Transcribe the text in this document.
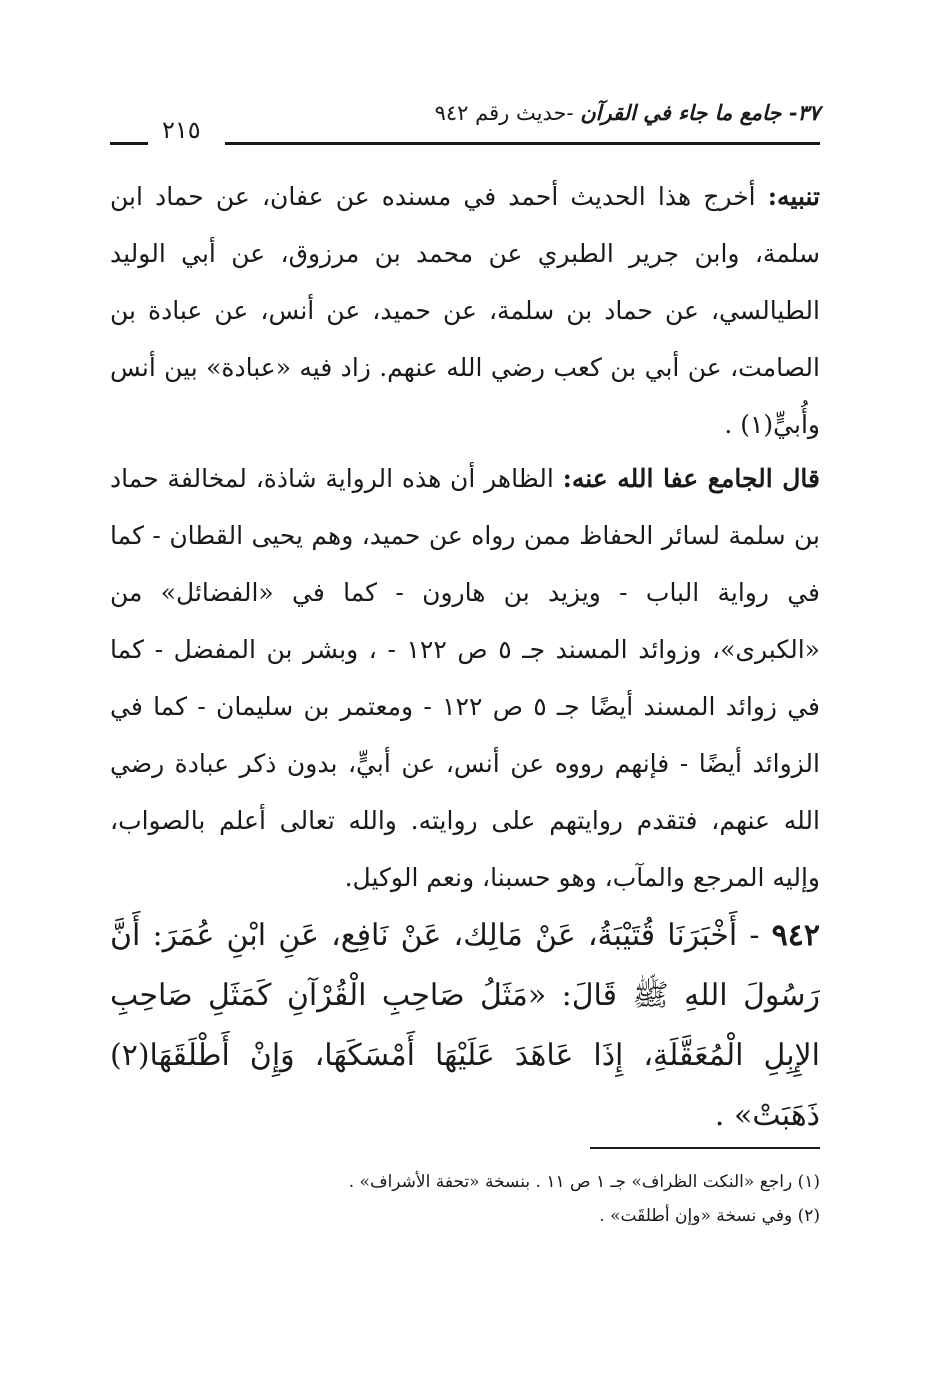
٣٧- جامع ما جاء في القرآن -حديث رقم ٩٤٢
٢١٥
تنبيه: أخرج هذا الحديث أحمد في مسنده عن عفان، عن حماد ابن سلمة، وابن جرير الطبري عن محمد بن مرزوق، عن أبي الوليد الطيالسي، عن حماد بن سلمة، عن حميد، عن أنس، عن عبادة بن الصامت، عن أبي بن كعب رضي الله عنهم. زاد فيه «عبادة» بين أنس وأُبيٍّ(١) .
قال الجامع عفا الله عنه: الظاهر أن هذه الرواية شاذة، لمخالفة حماد بن سلمة لسائر الحفاظ ممن رواه عن حميد، وهم يحيى القطان - كما في رواية الباب - ويزيد بن هارون - كما في «الفضائل» من «الكبرى»، وزوائد المسند جـ ٥ ص ١٢٢ - ، وبشر بن المفضل - كما في زوائد المسند أيضًا جـ ٥ ص ١٢٢ - ومعتمر بن سليمان - كما في الزوائد أيضًا - فإنهم رووه عن أنس، عن أبيٍّ، بدون ذكر عبادة رضي الله عنهم، فتقدم روايتهم على روايته. والله تعالى أعلم بالصواب، وإليه المرجع والمآب، وهو حسبنا، ونعم الوكيل.
٩٤٢ - أَخْبَرَنَا قُتَيْبَةُ، عَنْ مَالِك، عَنْ نَافِع، عَنِ ابْنِ عُمَرَ: أَنَّ رَسُولَ اللهِ ﷺ قَالَ: «مَثَلُ صَاحِبِ الْقُرْآنِ كَمَثَلِ صَاحِبِ الإِبِلِ الْمُعَقَّلَةِ، إِذَا عَاهَدَ عَلَيْهَا أَمْسَكَهَا، وَإِنْ أَطْلَقَهَا(٢) ذَهَبَتْ» .
(١) راجع «النكت الظراف» جـ ١ ص ١١ . بنسخة «تحفة الأشراف» .
(٢) وفي نسخة «وإن أطلقَت» .
